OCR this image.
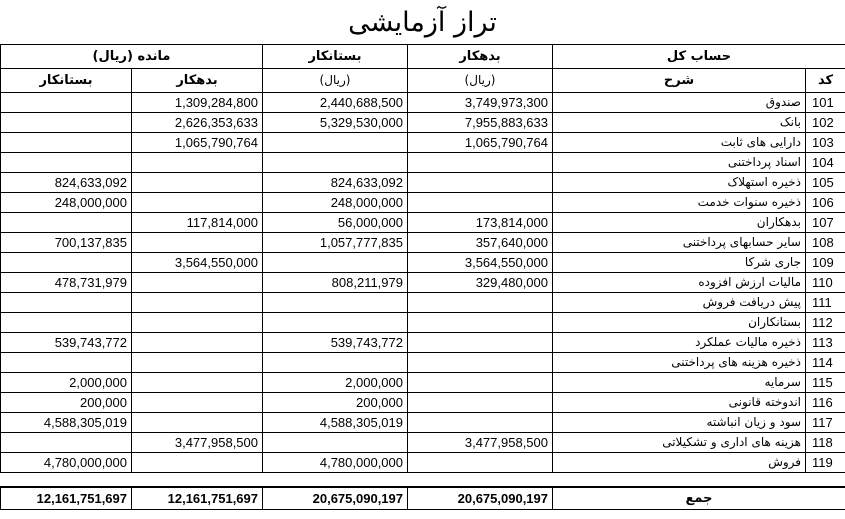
تراز آزمایشی
مانده (ریال)		بستانکار	بدهکار	حساب کل	
بستانکار	بدهکار	(ریال)	(ریال)	شرح	کد
	1,309,284,800	2,440,688,500	3,749,973,300	صندوق	101
	2,626,353,633	5,329,530,000	7,955,883,633	بانک	102
	1,065,790,764		1,065,790,764	دارایی های ثابت	103
				اسناد پرداختنی	104
824,633,092		824,633,092		ذخیره استهلاک	105
248,000,000		248,000,000		ذخیره سنوات خدمت	106
	117,814,000	56,000,000	173,814,000	بدهکاران	107
700,137,835		1,057,777,835	357,640,000	سایر حسابهای پرداختنی	108
	3,564,550,000		3,564,550,000	جاری شرکا	109
478,731,979		808,211,979	329,480,000	مالیات ارزش افزوده	110
				پیش دریافت فروش	111
				بستانکاران	112
539,743,772		539,743,772		ذخیره مالیات عملکرد	113
				ذخیره هزینه های پرداختنی	114
2,000,000		2,000,000		سرمایه	115
200,000		200,000		اندوخته قانونی	116
4,588,305,019		4,588,305,019		سود و زیان انباشته	117
	3,477,958,500		3,477,958,500	هزینه های اداری و تشکیلاتی	118
4,780,000,000		4,780,000,000		فروش	119

12,161,751,697	12,161,751,697	20,675,090,197	20,675,090,197	جمع	
